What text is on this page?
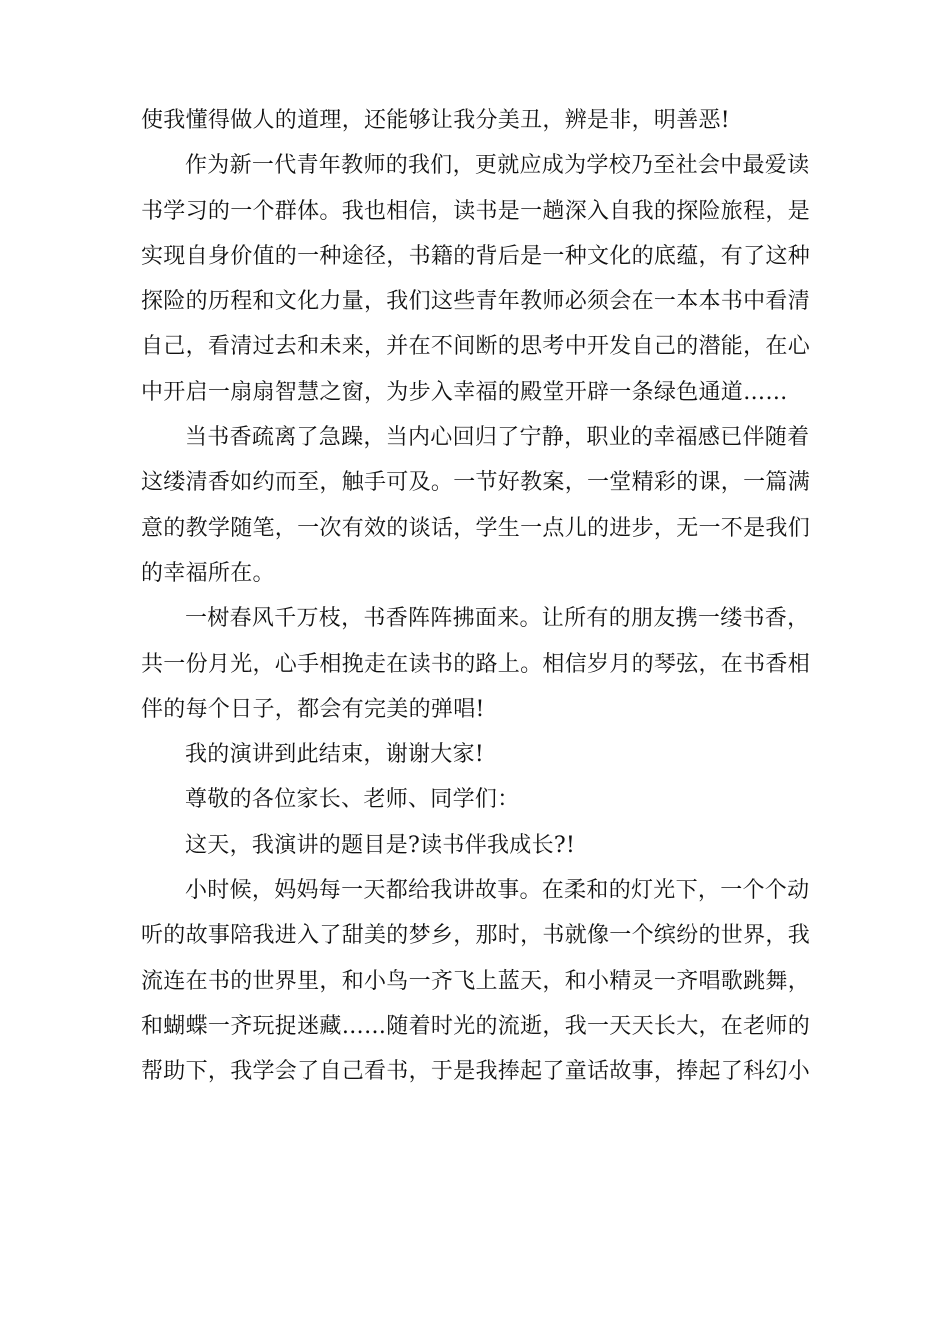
使我懂得做人的道理，还能够让我分美丑，辨是非，明善恶!
作为新一代青年教师的我们，更就应成为学校乃至社会中最爱读
书学习的一个群体。我也相信，读书是一趟深入自我的探险旅程，是
实现自身价值的一种途径，书籍的背后是一种文化的底蕴，有了这种
探险的历程和文化力量，我们这些青年教师必须会在一本本书中看清
自己，看清过去和未来，并在不间断的思考中开发自己的潜能，在心
中开启一扇扇智慧之窗，为步入幸福的殿堂开辟一条绿色通道……
当书香疏离了急躁，当内心回归了宁静，职业的幸福感已伴随着
这缕清香如约而至，触手可及。一节好教案，一堂精彩的课，一篇满
意的教学随笔，一次有效的谈话，学生一点儿的进步，无一不是我们
的幸福所在。
一树春风千万枝，书香阵阵拂面来。让所有的朋友携一缕书香，
共一份月光，心手相挽走在读书的路上。相信岁月的琴弦，在书香相
伴的每个日子，都会有完美的弹唱!
我的演讲到此结束，谢谢大家!
尊敬的各位家长、老师、同学们：
这天，我演讲的题目是?读书伴我成长?!
小时候，妈妈每一天都给我讲故事。在柔和的灯光下，一个个动
听的故事陪我进入了甜美的梦乡，那时，书就像一个缤纷的世界，我
流连在书的世界里，和小鸟一齐飞上蓝天，和小精灵一齐唱歌跳舞，
和蝴蝶一齐玩捉迷藏……随着时光的流逝，我一天天长大，在老师的
帮助下，我学会了自己看书，于是我捧起了童话故事，捧起了科幻小
